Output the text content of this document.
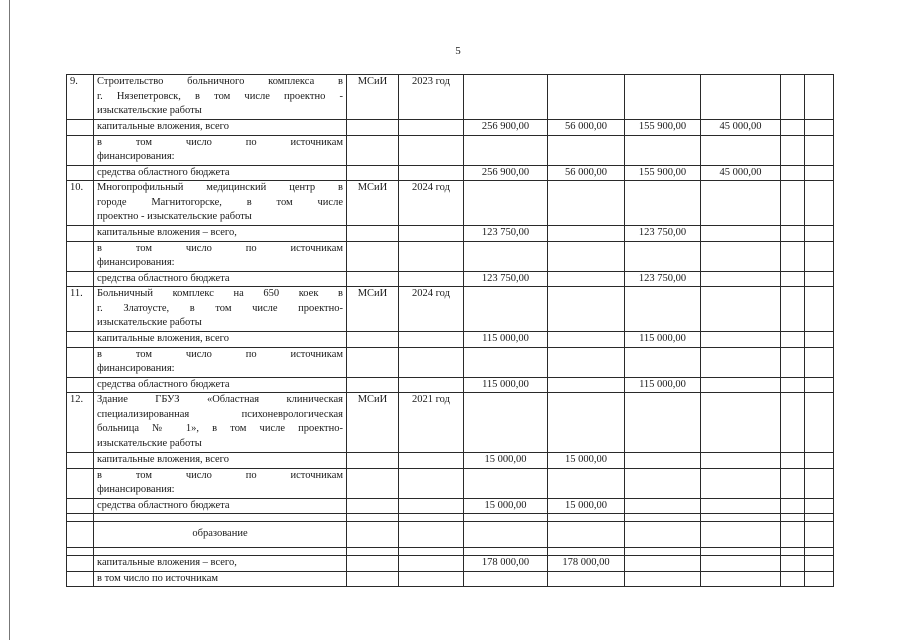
5
9.	Строительство больничного комплекса в
г. Нязепетровск, в том числе проектно -
изыскательские работы	МСиИ	2023 год						
	капитальные вложения, всего			256 900,00	56 000,00	155 900,00	45 000,00		

	в том число по источникам
финансирования:								

	средства областного бюджета			256 900,00	56 000,00	155 900,00	45 000,00		
10.	Многопрофильный медицинский центр в
городе Магнитогорске, в том числе
проектно - изыскательские работы	МСиИ	2024 год						
	капитальные вложения – всего,			123 750,00		123 750,00			

	в том число по источникам
финансирования:								

	средства областного бюджета			123 750,00		123 750,00			
11.	Больничный комплекс на 650 коек в
г. Златоусте, в том числе проектно-
изыскательские работы	МСиИ	2024 год						
	капитальные вложения, всего			115 000,00		115 000,00			

	в том число по источникам
финансирования:								

	средства областного бюджета			115 000,00		115 000,00			
12.	Здание ГБУЗ «Областная клиническая
специализированная психоневрологическая
больница № 1», в том числе проектно-
изыскательские работы	МСиИ	2021 год						
	капитальные вложения, всего			15 000,00	15 000,00				

	в том число по источникам
финансирования:								

	средства областного бюджета			15 000,00	15 000,00				

	образование								

	капитальные вложения – всего,			178 000,00	178 000,00				

	в том число по источникам								
